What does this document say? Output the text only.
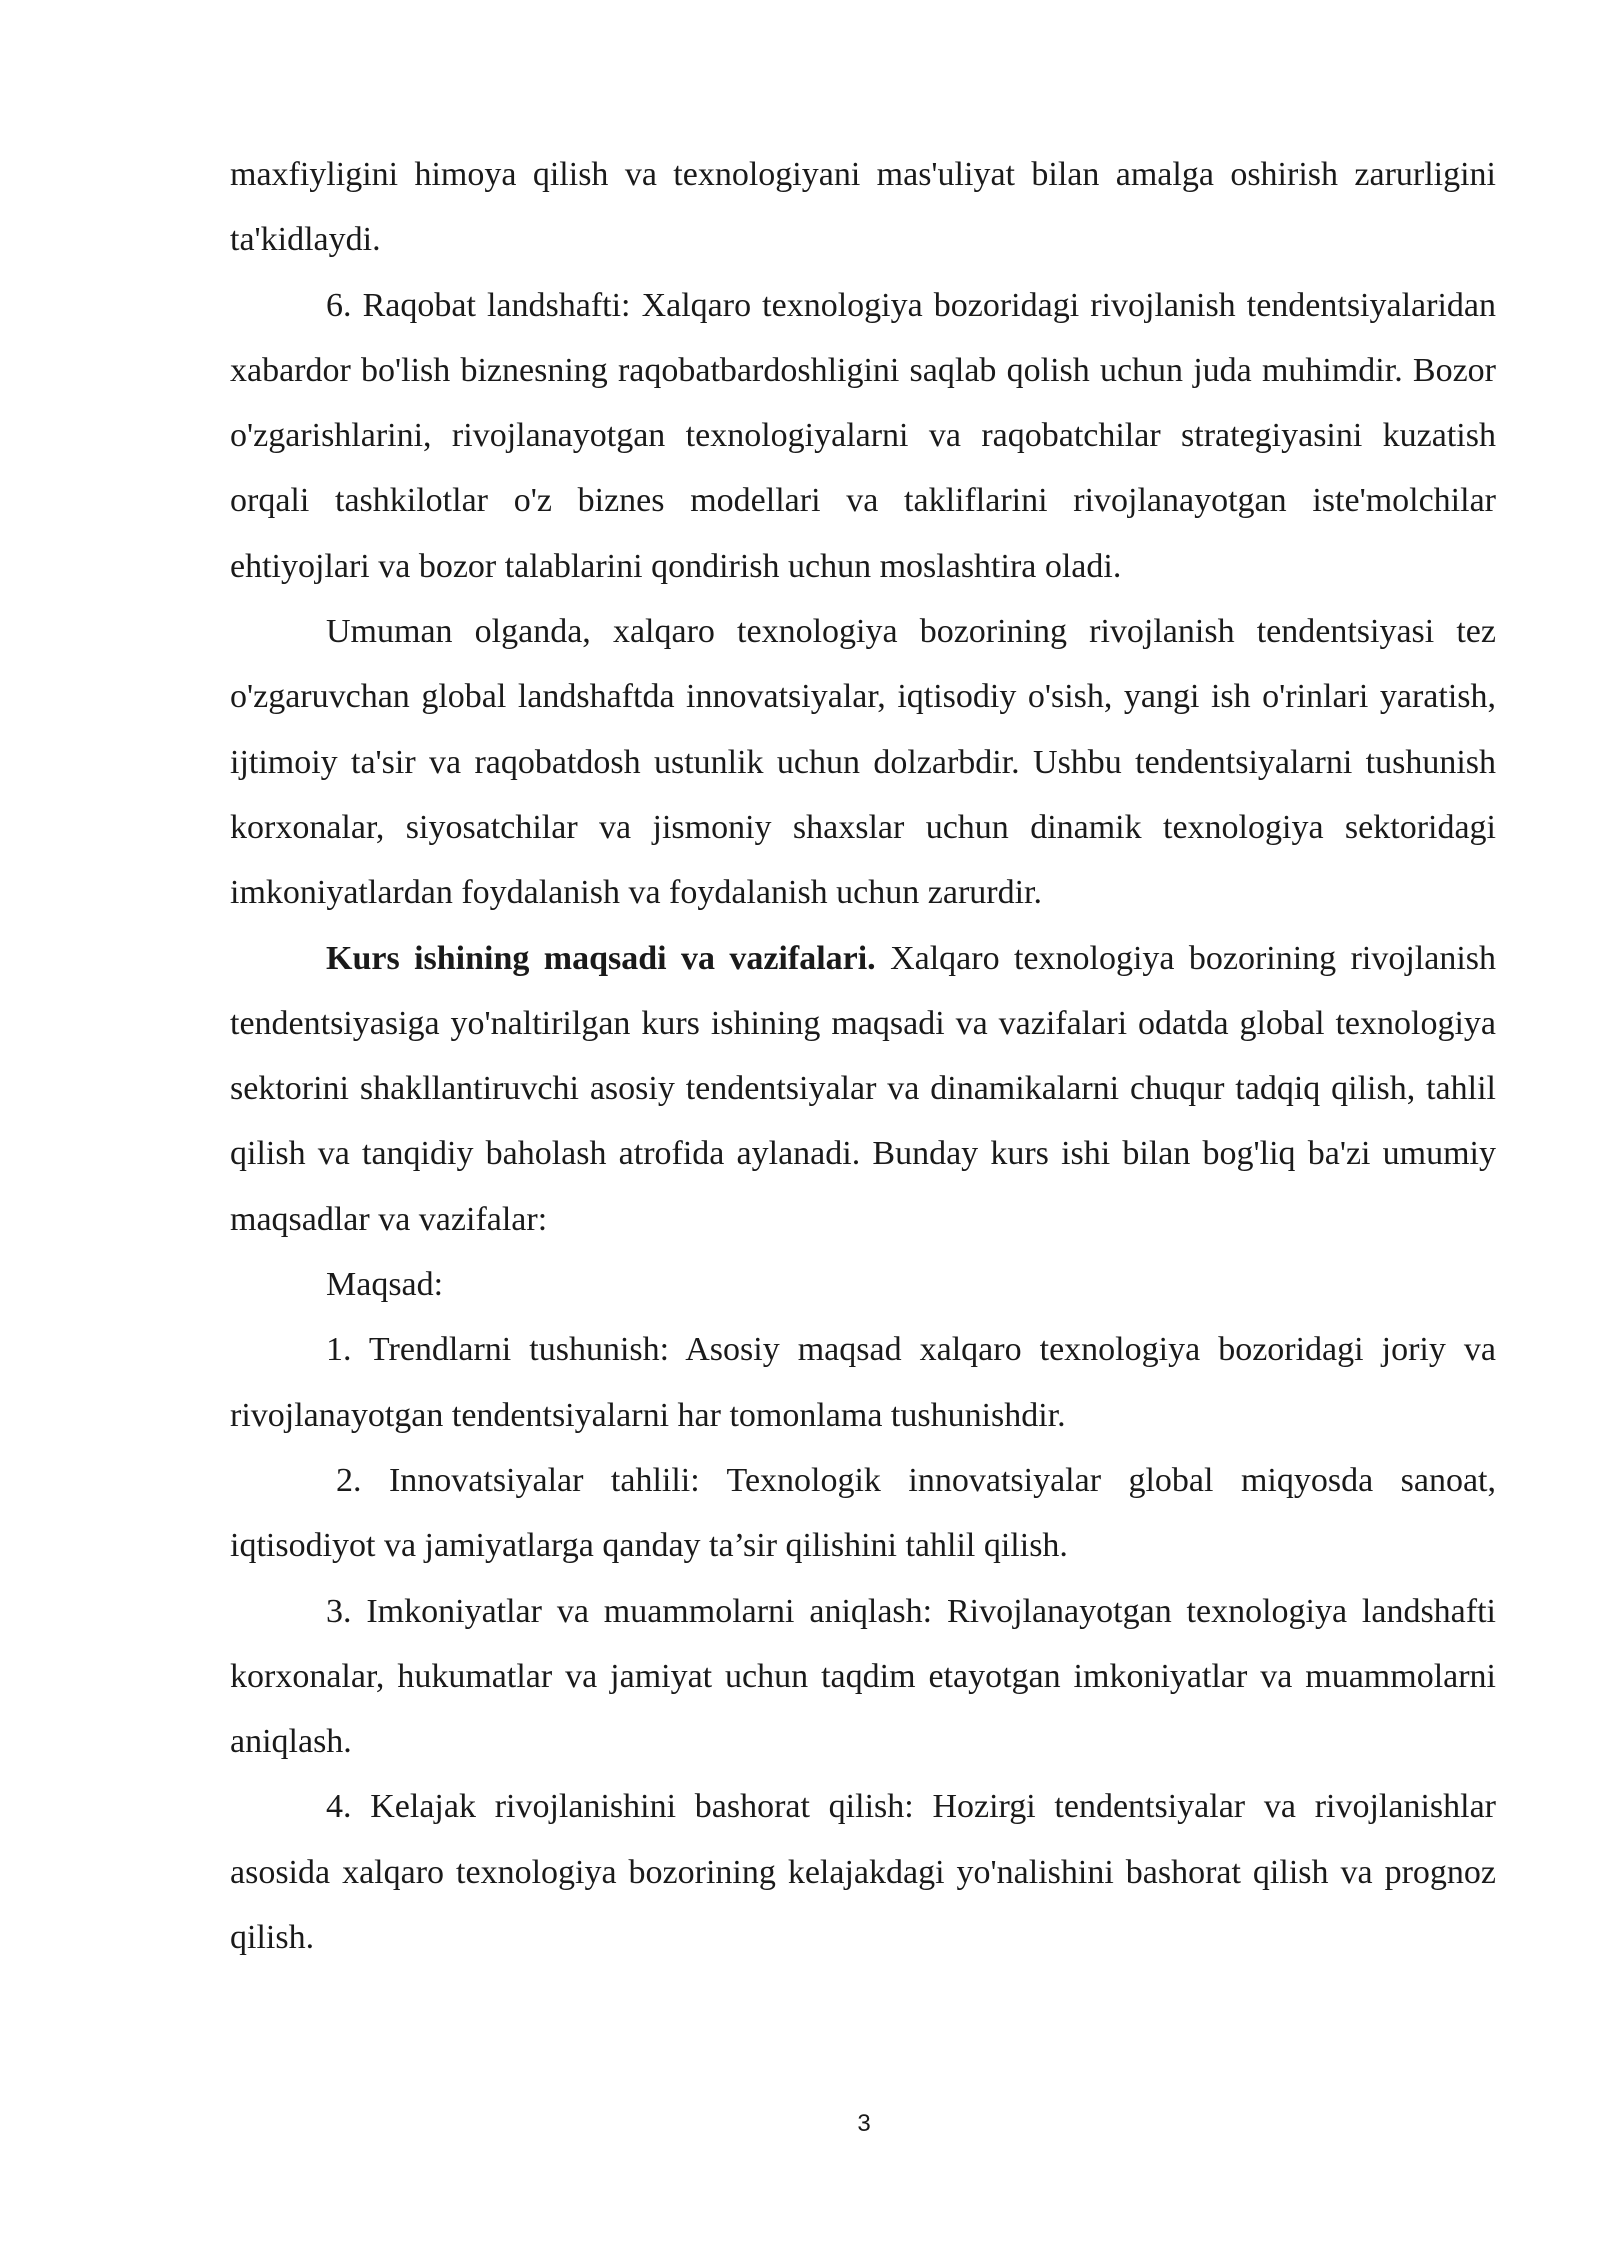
maxfiyligini himoya qilish va texnologiyani mas'uliyat bilan amalga oshirish zarurligini ta'kidlaydi.

6. Raqobat landshafti: Xalqaro texnologiya bozoridagi rivojlanish tendentsiyalaridan xabardor bo'lish biznesning raqobatbardoshligini saqlab qolish uchun juda muhimdir. Bozor o'zgarishlarini, rivojlanayotgan texnologiyalarni va raqobatchilar strategiyasini kuzatish orqali tashkilotlar o'z biznes modellari va takliflarini rivojlanayotgan iste'molchilar ehtiyojlari va bozor talablarini qondirish uchun moslashtira oladi.

Umuman olganda, xalqaro texnologiya bozorining rivojlanish tendentsiyasi tez o'zgaruvchan global landshaftda innovatsiyalar, iqtisodiy o'sish, yangi ish o'rinlari yaratish, ijtimoiy ta'sir va raqobatdosh ustunlik uchun dolzarbdir. Ushbu tendentsiyalarni tushunish korxonalar, siyosatchilar va jismoniy shaxslar uchun dinamik texnologiya sektoridagi imkoniyatlardan foydalanish va foydalanish uchun zarurdir.

Kurs ishining maqsadi va vazifalari. Xalqaro texnologiya bozorining rivojlanish tendentsiyasiga yo'naltirilgan kurs ishining maqsadi va vazifalari odatda global texnologiya sektorini shakllantiruvchi asosiy tendentsiyalar va dinamikalarni chuqur tadqiq qilish, tahlil qilish va tanqidiy baholash atrofida aylanadi. Bunday kurs ishi bilan bog'liq ba'zi umumiy maqsadlar va vazifalar:

Maqsad:

1. Trendlarni tushunish: Asosiy maqsad xalqaro texnologiya bozoridagi joriy va rivojlanayotgan tendentsiyalarni har tomonlama tushunishdir.

2. Innovatsiyalar tahlili: Texnologik innovatsiyalar global miqyosda sanoat, iqtisodiyot va jamiyatlarga qanday ta’sir qilishini tahlil qilish.

3. Imkoniyatlar va muammolarni aniqlash: Rivojlanayotgan texnologiya landshafti korxonalar, hukumatlar va jamiyat uchun taqdim etayotgan imkoniyatlar va muammolarni aniqlash.

4. Kelajak rivojlanishini bashorat qilish: Hozirgi tendentsiyalar va rivojlanishlar asosida xalqaro texnologiya bozorining kelajakdagi yo'nalishini bashorat qilish va prognoz qilish.

3
